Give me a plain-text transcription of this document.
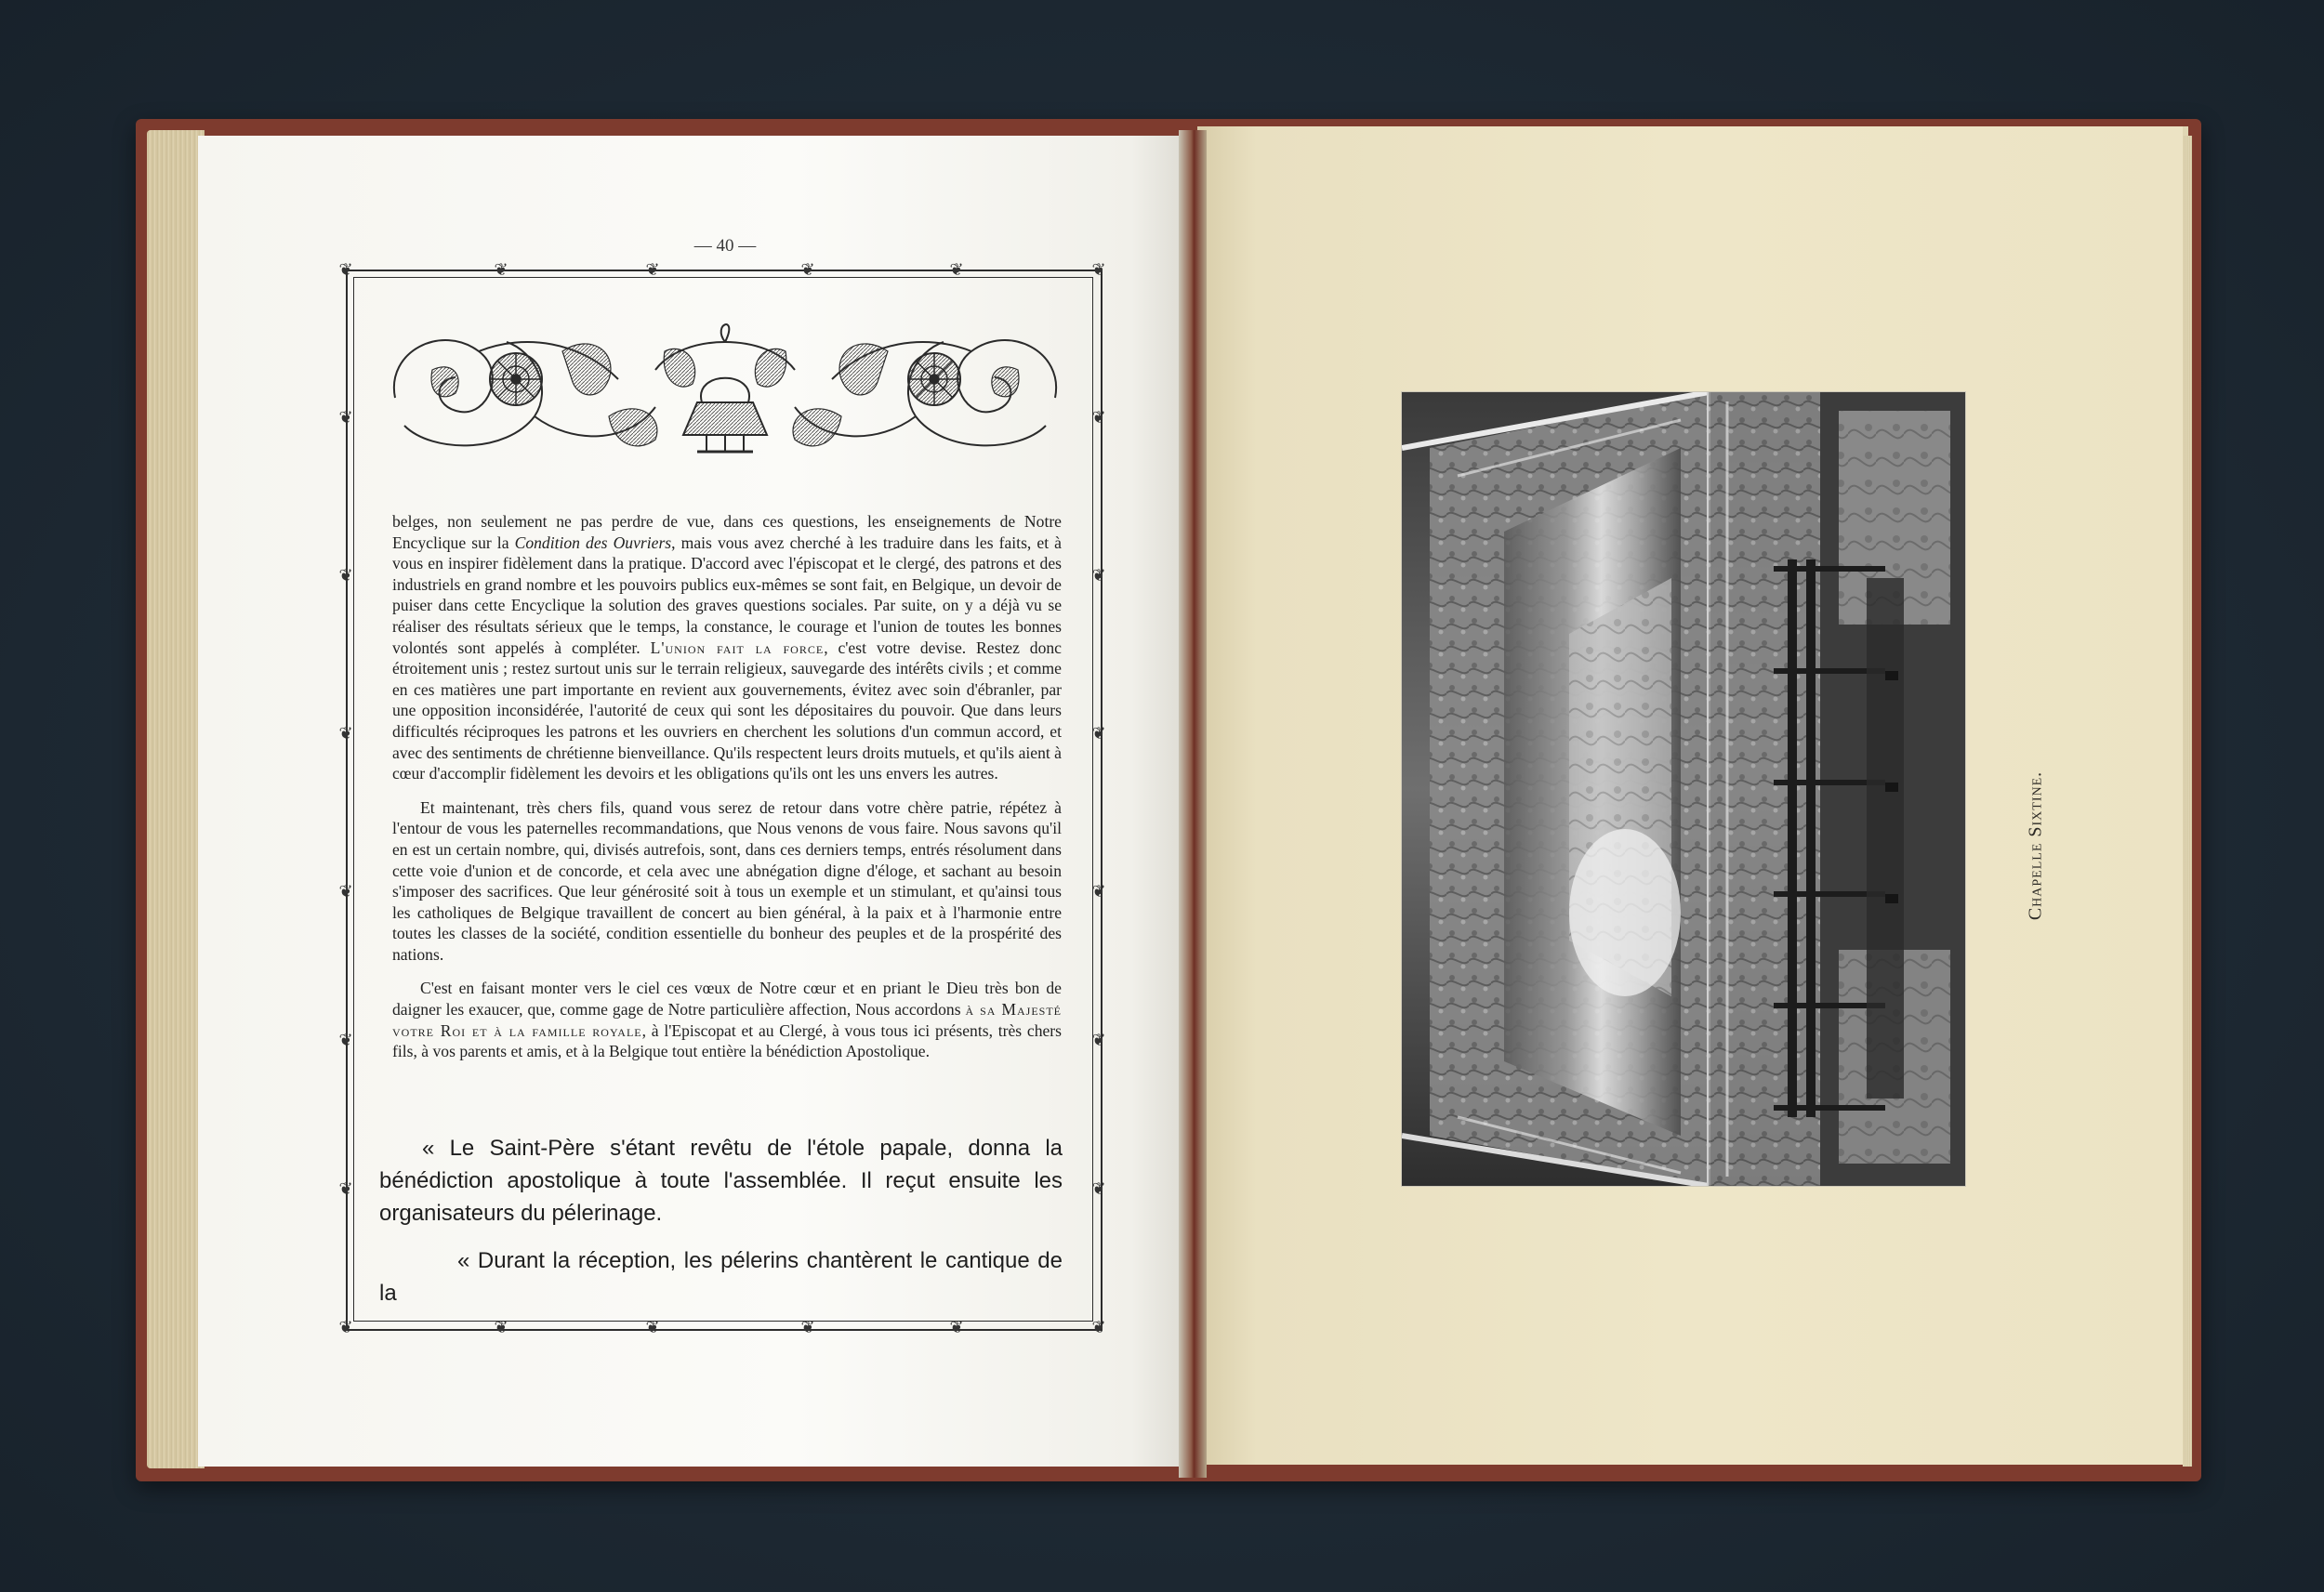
— 40 —
❦
❦
❦
❦
❦
❦
❦
❦
❦
❦
❦
❦
❦	❦
❦	❦
❦	❦
❦	❦
❦	❦
❦	❦

belges, non seulement ne pas perdre de vue, dans ces questions, les enseignements de Notre Encyclique sur la Condition des Ouvriers, mais vous avez cherché à les traduire dans les faits, et à vous en inspirer fidèlement dans la pratique. D'accord avec l'épiscopat et le clergé, des patrons et des industriels en grand nombre et les pouvoirs publics eux-mêmes se sont fait, en Belgique, un devoir de puiser dans cette Encyclique la solution des graves questions sociales. Par suite, on y a déjà vu se réaliser des résultats sérieux que le temps, la constance, le courage et l'union de toutes les bonnes volontés sont appelés à compléter. L'union fait la force, c'est votre devise. Restez donc étroitement unis ; restez surtout unis sur le terrain religieux, sauvegarde des intérêts civils ; et comme en ces matières une part importante en revient aux gouvernements, évitez avec soin d'ébranler, par une opposition inconsidérée, l'autorité de ceux qui sont les dépositaires du pouvoir. Que dans leurs difficultés réciproques les patrons et les ouvriers en cherchent les solutions d'un commun accord, et avec des sentiments de chrétienne bienveillance. Qu'ils respectent leurs droits mutuels, et qu'ils aient à cœur d'accomplir fidèlement les devoirs et les obligations qu'ils ont les uns envers les autres.

Et maintenant, très chers fils, quand vous serez de retour dans votre chère patrie, répétez à l'entour de vous les paternelles recommandations, que Nous venons de vous faire. Nous savons qu'il en est un certain nombre, qui, divisés autrefois, sont, dans ces derniers temps, entrés résolument dans cette voie d'union et de concorde, et cela avec une abnégation digne d'éloge, et sachant au besoin s'imposer des sacrifices. Que leur générosité soit à tous un exemple et un stimulant, et qu'ainsi tous les catholiques de Belgique travaillent de concert au bien général, à la paix et à l'harmonie entre toutes les classes de la société, condition essentielle du bonheur des peuples et de la prospérité des nations.

C'est en faisant monter vers le ciel ces vœux de Notre cœur et en priant le Dieu très bon de daigner les exaucer, que, comme gage de Notre particulière affection, Nous accordons à sa Majesté votre Roi et à la famille royale, à l'Episcopat et au Clergé, à vous tous ici présents, très chers fils, à vos parents et amis, et à la Belgique tout entière la bénédiction Apostolique.

« Le Saint-Père s'étant revêtu de l'étole papale, donna la bénédiction apostolique à toute l'assemblée. Il reçut ensuite les organisateurs du pélerinage.

« Durant la réception, les pélerins chantèrent le cantique de la

Chapelle Sixtine.
